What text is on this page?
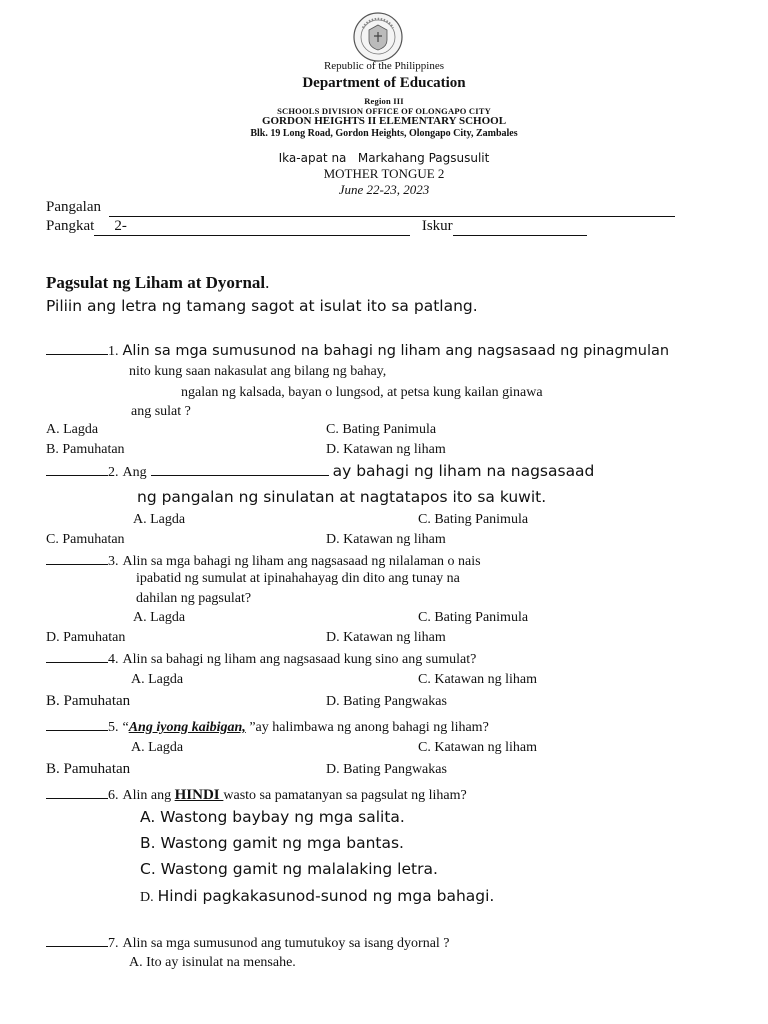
Republic of the Philippines
Department of Education
Region III
SCHOOLS DIVISION OFFICE OF OLONGAPO CITY
GORDON HEIGHTS II ELEMENTARY SCHOOL
Blk. 19 Long Road, Gordon Heights, Olongapo City, Zambales
Ika-apat na   Markahang Pagsusulit
MOTHER TONGUE 2
June 22-23, 2023
Pangalan
Pangkat 2-	Iskur
Pagsulat ng Liham at Dyornal.
Piliin ang letra ng tamang sagot at isulat ito sa patlang.
1. Alin sa mga sumusunod na bahagi ng liham ang nagsasaad ng pinagmulan
nito kung saan nakasulat ang bilang ng bahay,
ngalan ng kalsada, bayan o lungsod, at petsa kung kailan ginawa
ang sulat ?
A. Lagda	C. Bating Panimula
B. Pamuhatan	D. Katawan ng liham
2. Ang	ay bahagi ng liham na nagsasaad
ng pangalan ng sinulatan at nagtatapos ito sa kuwit.
A. Lagda	C. Bating Panimula
C. Pamuhatan	D. Katawan ng liham
3. Alin sa mga bahagi ng liham ang nagsasaad ng nilalaman o nais
ipabatid ng sumulat at ipinahahayag din dito ang tunay na
dahilan ng pagsulat?
A. Lagda	C. Bating Panimula
D. Pamuhatan	D. Katawan ng liham
4. Alin sa bahagi ng liham ang nagsasaad kung sino ang sumulat?
A. Lagda	C. Katawan ng liham
B. Pamuhatan	D. Bating Pangwakas
5. “Ang iyong kaibigan, ”ay halimbawa ng anong bahagi ng liham?
A. Lagda	C. Katawan ng liham
B. Pamuhatan	D. Bating Pangwakas
6. Alin ang HINDI wasto sa pamatanyan sa pagsulat ng liham?
A. Wastong baybay ng mga salita.
B. Wastong gamit ng mga bantas.
C. Wastong gamit ng malalaking letra.
D. Hindi pagkakasunod-sunod ng mga bahagi.
7. Alin sa mga sumusunod ang tumutukoy sa isang dyornal ?
A. Ito ay isinulat na mensahe.
